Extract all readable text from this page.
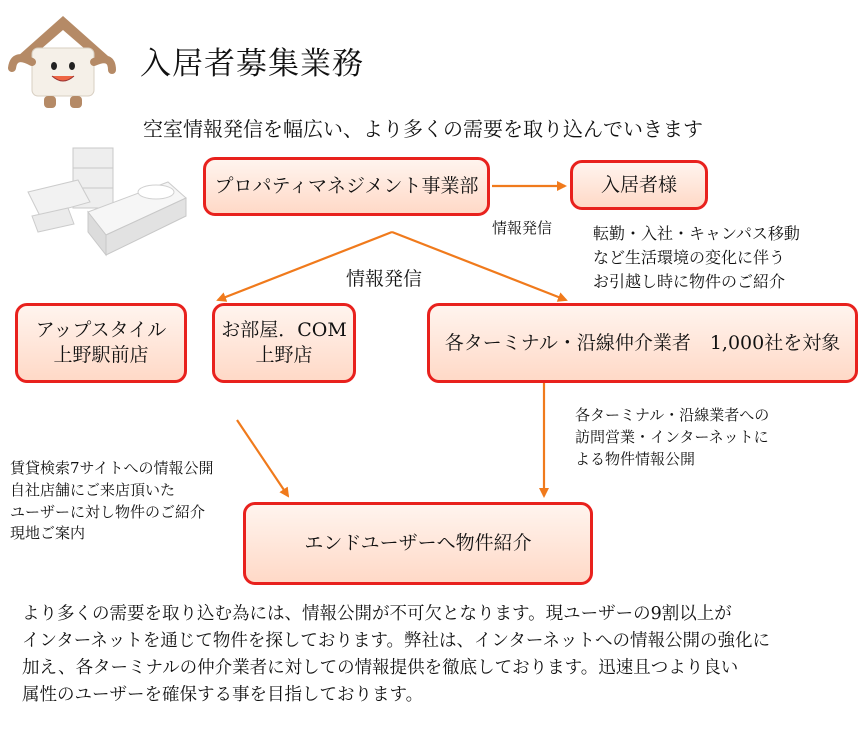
入居者募集業務
空室情報発信を幅広い、より多くの需要を取り込んでいきます
プロパティマネジメント事業部	入居者様
アップスタイル
上野駅前店
お部屋．COM
上野店
各ターミナル・沿線仲介業者　1,000社を対象
エンドユーザーへ物件紹介
情報発信
情報発信
転勤・入社・キャンパス移動
など生活環境の変化に伴う
お引越し時に物件のご紹介
各ターミナル・沿線業者への
訪問営業・インターネットに
よる物件情報公開
賃貸検索7サイトへの情報公開
自社店舗にご来店頂いた
ユーザーに対し物件のご紹介
現地ご案内
より多くの需要を取り込む為には、情報公開が不可欠となります。現ユーザーの9割以上が
インターネットを通じて物件を探しております。弊社は、インターネットへの情報公開の強化に
加え、各ターミナルの仲介業者に対しての情報提供を徹底しております。迅速且つより良い
属性のユーザーを確保する事を目指しております。
